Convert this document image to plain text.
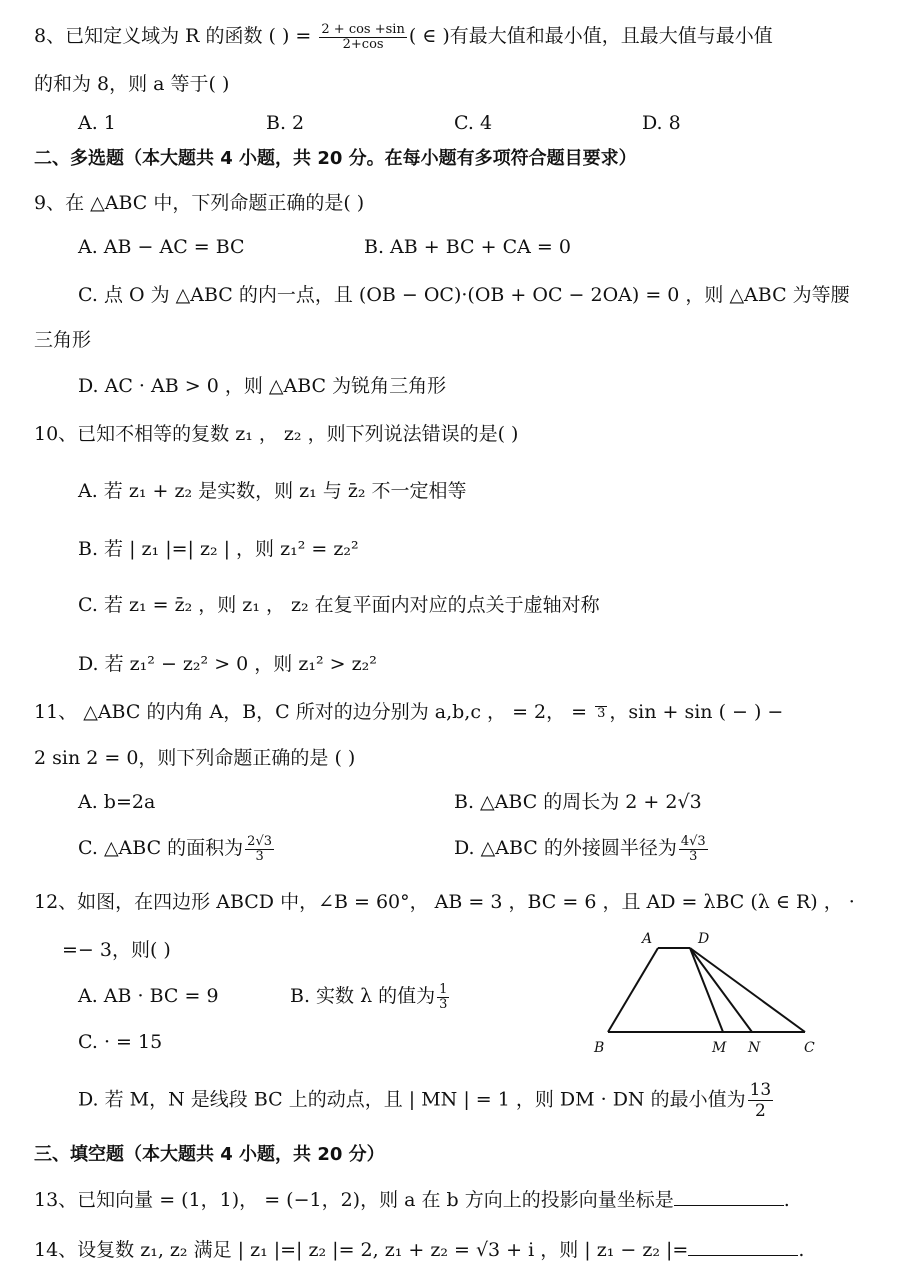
8、已知定义域为 R 的函数 ( ) = $\frac{2 + \cos +\sin}{2+\cos}$ ( ∈ )有最大值和最小值，且最大值与最小值
的和为 8，则 a 等于( )
A. 1	B. 2	C. 4	D. 8
二、多选题（本大题共 4 小题，共 20 分。在每小题有多项符合题目要求）
9、在 △ABC 中，下列命题正确的是( )
A. AB − AC = BC	B. AB + BC + CA = 0
C. 点 O 为 △ABC 的内一点，且 (OB − OC)·(OB + OC − 2OA) = 0 ，则 △ABC 为等腰
三角形
D. AC · AB > 0 ，则 △ABC 为锐角三角形
10、已知不相等的复数 z₁ ， z₂ ，则下列说法错误的是( )
A. 若 z₁ + z₂ 是实数，则 z₁ 与 z̄₂ 不一定相等
B. 若 | z₁ |=| z₂ | ，则 z₁² = z₂²
C. 若 z₁ = z̄₂ ，则 z₁ ， z₂ 在复平面内对应的点关于虚轴对称
D. 若 z₁² − z₂² > 0 ，则 z₁² > z₂²
11、 △ABC 的内角 A，B，C 所对的边分别为 a,b,c ， = 2， = 3 ，sin + sin ( − ) −
2 sin 2 = 0，则下列命题正确的是 ( )
A. b=2a	B. △ABC 的周长为 2 + 2√3
C. △ABC 的面积为 $\frac{2√3}{3}$	D. △ABC 的外接圆半径为 $\frac{4√3}{3}$
12、如图，在四边形 ABCD 中，∠B = 60°， AB = 3 ，BC = 6 ，且 AD = λBC (λ ∈ R) ， ·
=− 3，则( )
A. AB · BC = 9	B. 实数 λ 的值为 $\frac{1}{3}$
C. · = 15
D. 若 M，N 是线段 BC 上的动点，且 | MN | = 1 ，则 DM · DN 的最小值为 $\frac{13}{2}$
A	D
B	M N	C
三、填空题（本大题共 4 小题，共 20 分）
13、已知向量 = (1，1)， = (−1，2)，则 a 在 b 方向上的投影向量坐标是	.
14、设复数 z₁, z₂ 满足 | z₁ |=| z₂ |= 2, z₁ + z₂ = √3 + i ，则 | z₁ − z₂ |=	.
